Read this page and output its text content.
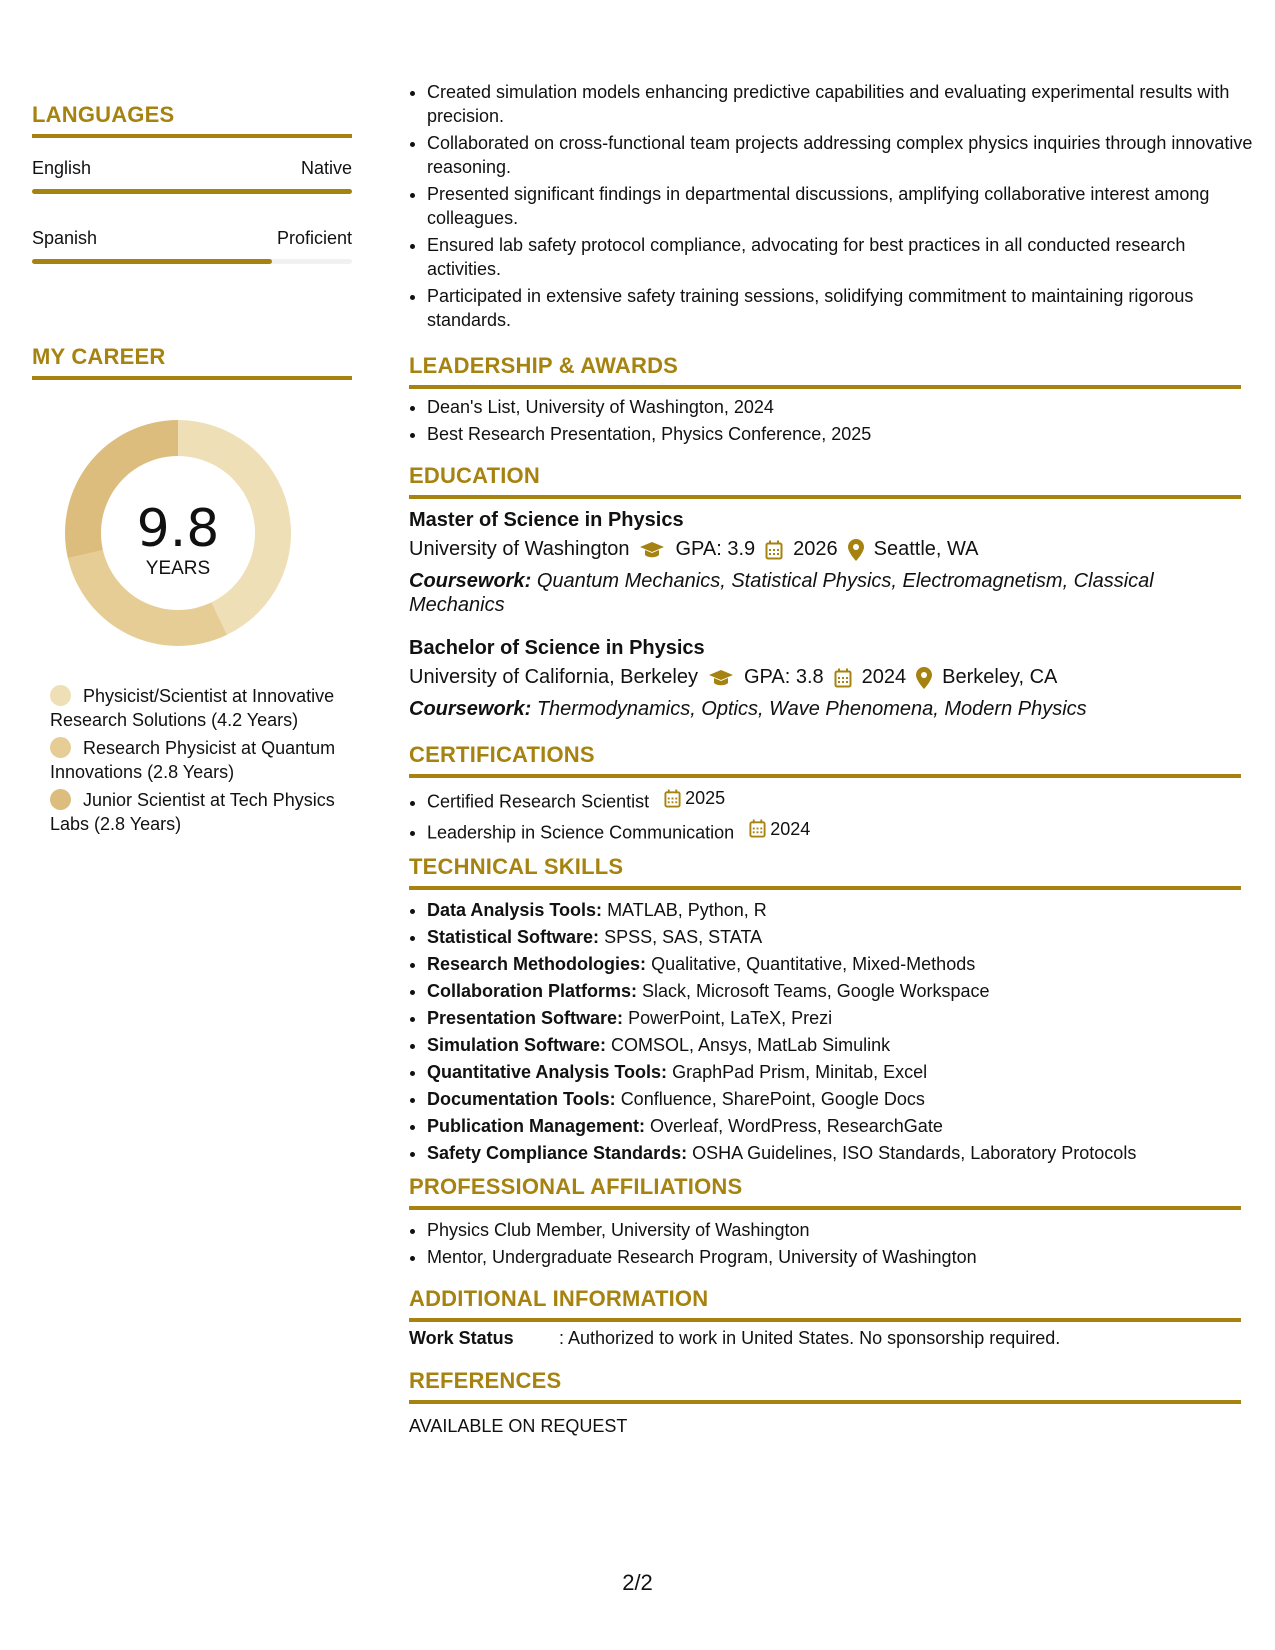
LANGUAGES
English	Native
Spanish	Proficient
MY CAREER
9.8
YEARS
Physicist/Scientist at Innovative Research Solutions (4.2 Years)
Research Physicist at Quantum Innovations (2.8 Years)
Junior Scientist at Tech Physics Labs (2.8 Years)
• Created simulation models enhancing predictive capabilities and evaluating experimental results with precision.
• Collaborated on cross-functional team projects addressing complex physics inquiries through innovative reasoning.
• Presented significant findings in departmental discussions, amplifying collaborative interest among colleagues.
• Ensured lab safety protocol compliance, advocating for best practices in all conducted research activities.
• Participated in extensive safety training sessions, solidifying commitment to maintaining rigorous standards.
LEADERSHIP & AWARDS
• Dean's List, University of Washington, 2024
• Best Research Presentation, Physics Conference, 2025
EDUCATION
Master of Science in Physics
University of Washington GPA: 3.9 2026 Seattle, WA
Coursework: Quantum Mechanics, Statistical Physics, Electromagnetism, Classical Mechanics
Bachelor of Science in Physics
University of California, Berkeley GPA: 3.8 2024 Berkeley, CA
Coursework: Thermodynamics, Optics, Wave Phenomena, Modern Physics
CERTIFICATIONS
• Certified Research Scientist 2025
• Leadership in Science Communication 2024
TECHNICAL SKILLS
• Data Analysis Tools: MATLAB, Python, R
• Statistical Software: SPSS, SAS, STATA
• Research Methodologies: Qualitative, Quantitative, Mixed-Methods
• Collaboration Platforms: Slack, Microsoft Teams, Google Workspace
• Presentation Software: PowerPoint, LaTeX, Prezi
• Simulation Software: COMSOL, Ansys, MatLab Simulink
• Quantitative Analysis Tools: GraphPad Prism, Minitab, Excel
• Documentation Tools: Confluence, SharePoint, Google Docs
• Publication Management: Overleaf, WordPress, ResearchGate
• Safety Compliance Standards: OSHA Guidelines, ISO Standards, Laboratory Protocols
PROFESSIONAL AFFILIATIONS
• Physics Club Member, University of Washington
• Mentor, Undergraduate Research Program, University of Washington
ADDITIONAL INFORMATION
Work Status	: Authorized to work in United States. No sponsorship required.
REFERENCES
AVAILABLE ON REQUEST
2/2
